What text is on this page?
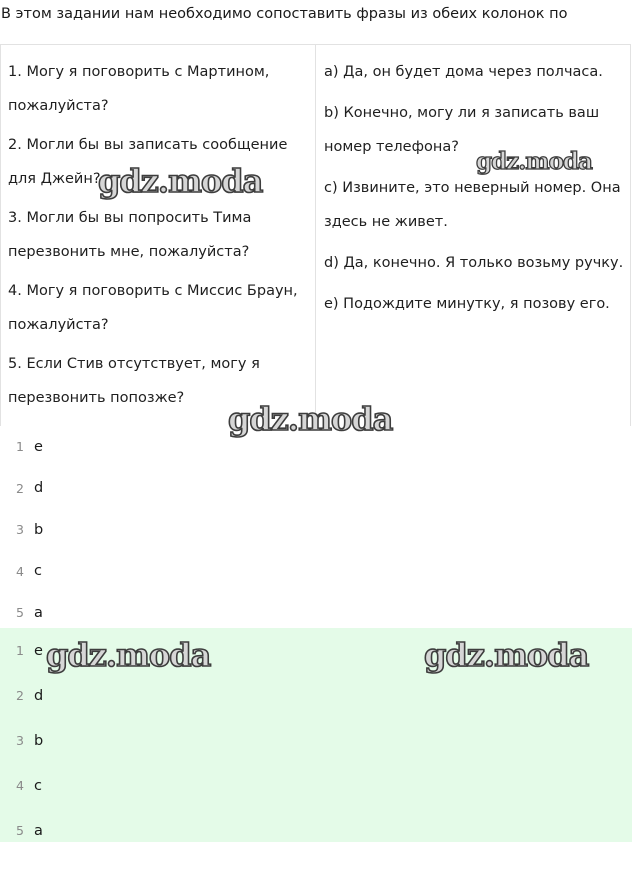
В этом задании нам необходимо сопоставить фразы из обеих колонок по
1. Могу я поговорить с Мартином, пожалуйста?
2. Могли бы вы записать сообщение для Джейн?
3. Могли бы вы попросить Тима перезвонить мне, пожалуйста?
4. Могу я поговорить с Миссис Браун, пожалуйста?
5. Если Стив отсутствует, могу я перезвонить попозже?
a) Да, он будет дома через полчаса.
b) Конечно, могу ли я записать ваш номер телефона?
c) Извините, это неверный номер. Она здесь не живет.
d) Да, конечно. Я только возьму ручку.
e) Подождите минутку, я позову его.
1 e
2 d
3 b
4 c
5 a
1 e
2 d
3 b
4 c
5 a
gdz.moda
gdz.moda
gdz.moda
gdz.moda	gdz.moda
